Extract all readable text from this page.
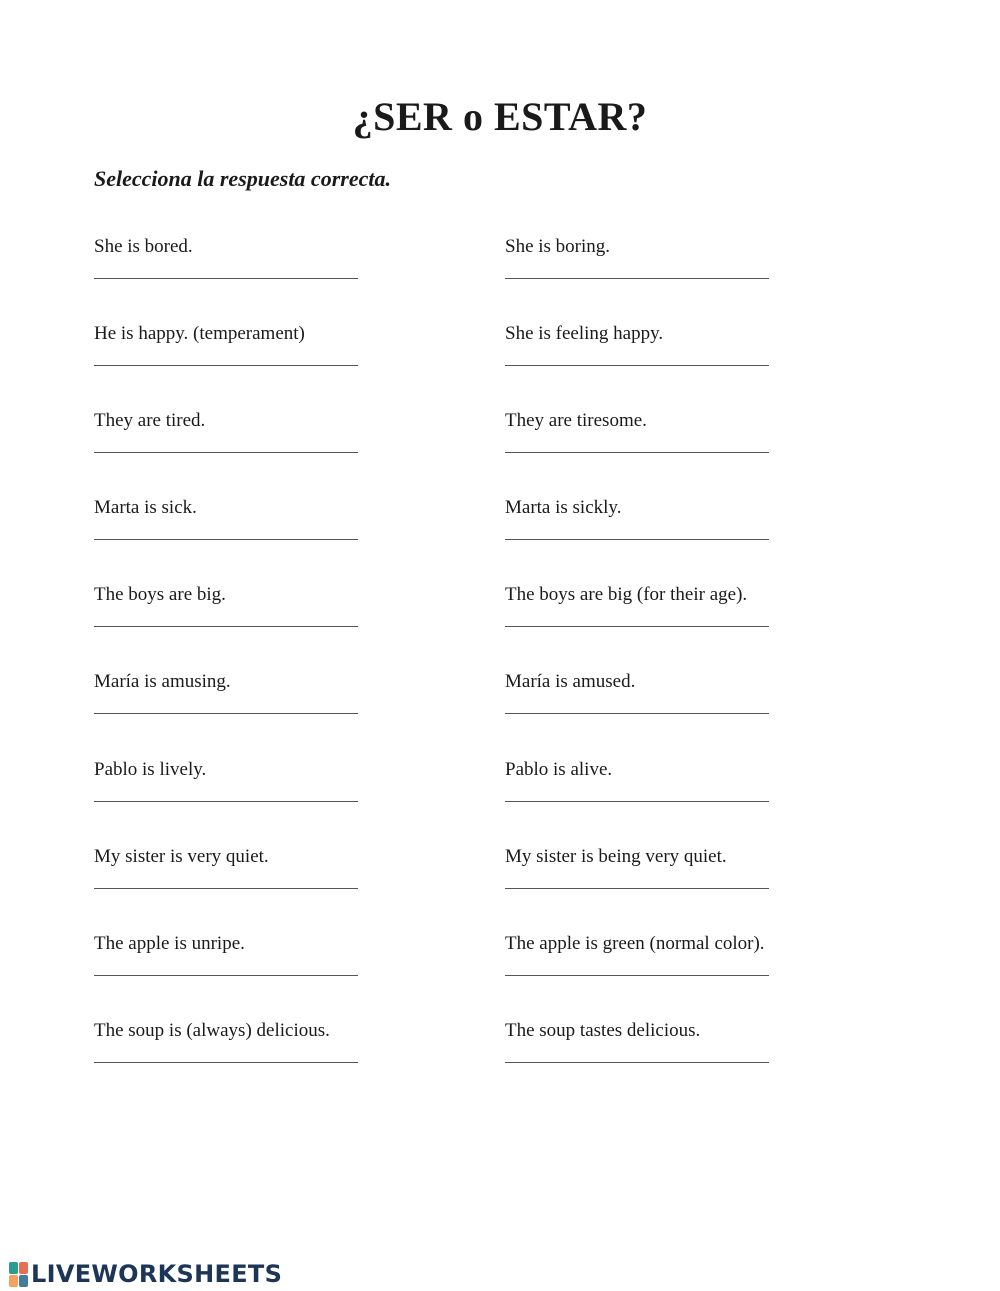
¿SER o ESTAR?

Selecciona la respuesta correcta.

She is bored.	She is boring.
He is happy. (temperament)	She is feeling happy.
They are tired.	They are tiresome.
Marta is sick.	Marta is sickly.
The boys are big.	The boys are big (for their age).
María is amusing.	María is amused.
Pablo is lively.	Pablo is alive.
My sister is very quiet.	My sister is being very quiet.
The apple is unripe.	The apple is green (normal color).
The soup is (always) delicious.	The soup tastes delicious.
LIVEWORKSHEETS
